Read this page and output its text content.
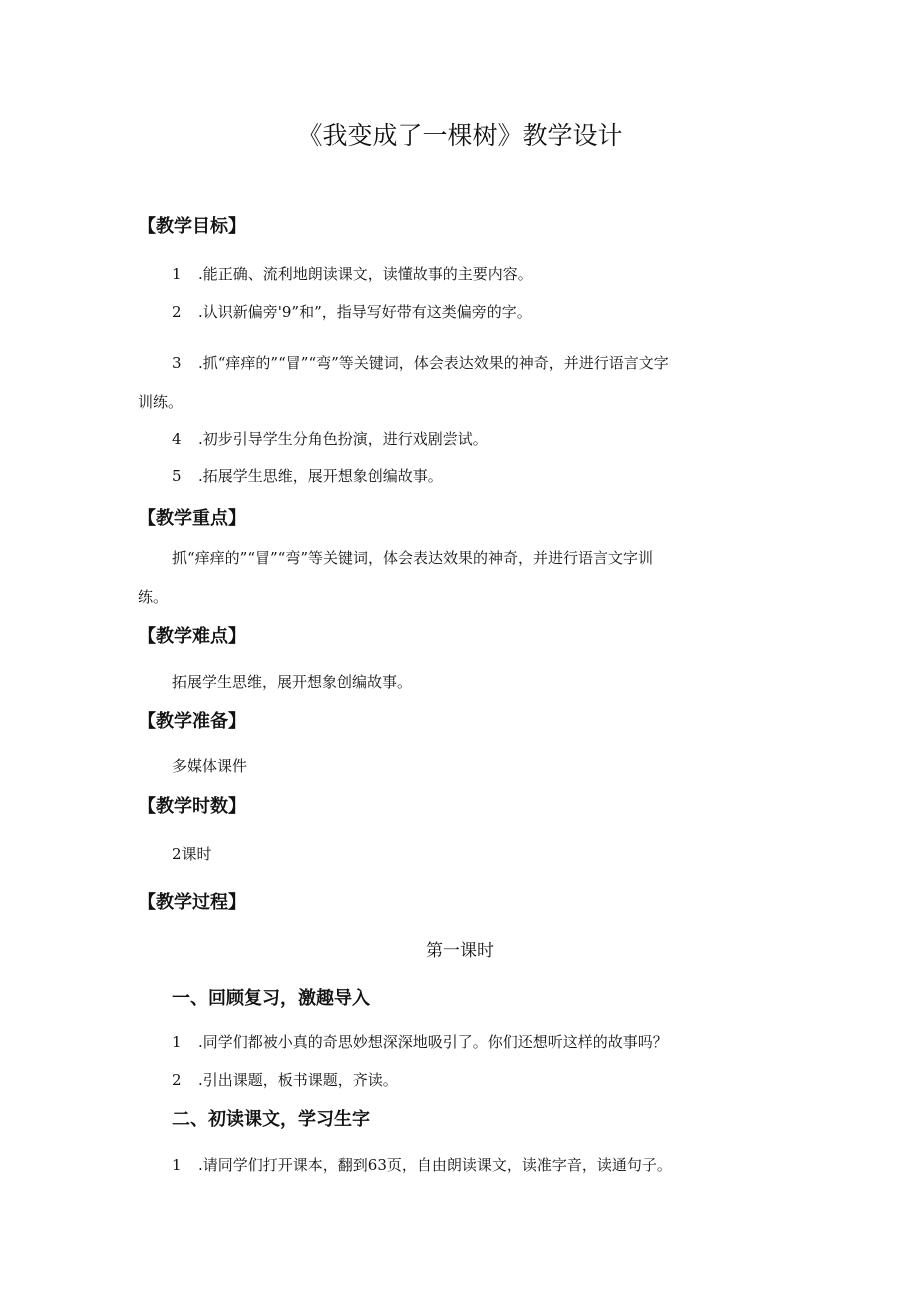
《我变成了一棵树》教学设计
【教学目标】
1 .能正确、流利地朗读课文，读懂故事的主要内容。
2 .认识新偏旁'9”和”，指导写好带有这类偏旁的字。
3 .抓“痒痒的”“冒”“弯”等关键词，体会表达效果的神奇，并进行语言文字
训练。
4 .初步引导学生分角色扮演，进行戏剧尝试。
5 .拓展学生思维，展开想象创编故事。
【教学重点】
抓“痒痒的”“冒”“弯”等关键词，体会表达效果的神奇，并进行语言文字训
练。
【教学难点】
拓展学生思维，展开想象创编故事。
【教学准备】
多媒体课件
【教学时数】
2课时
【教学过程】
第一课时
一、回顾复习，激趣导入
1 .同学们都被小真的奇思妙想深深地吸引了。你们还想听这样的故事吗？
2 .引出课题，板书课题，齐读。
二、初读课文，学习生字
1 .请同学们打开课本，翻到63页，自由朗读课文，读准字音，读通句子。
